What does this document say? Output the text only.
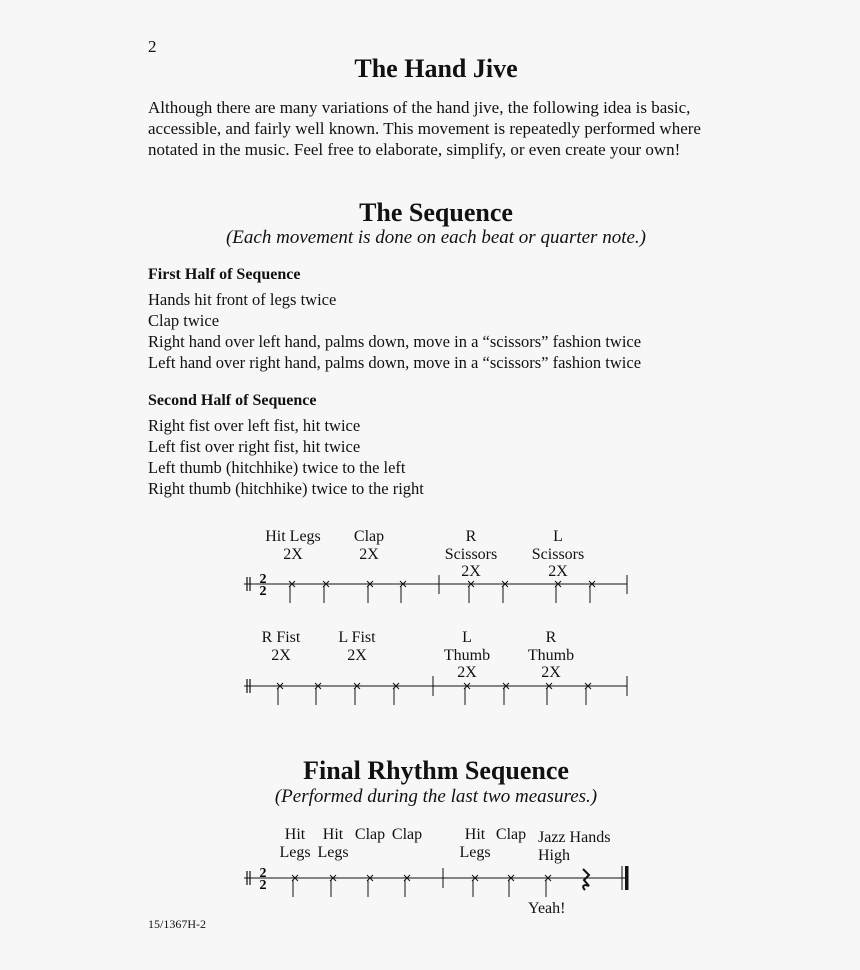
2
The Hand Jive

Although there are many variations of the hand jive, the following idea is basic,

accessible, and fairly well known. This movement is repeatedly performed where

notated in the music. Feel free to elaborate, simplify, or even create your own!

The Sequence
(Each movement is done on each beat or quarter note.)
First Half of Sequence
Hands hit front of legs twice
Clap twice
Right hand over left hand, palms down, move in a “scissors” fashion twice
Left hand over right hand, palms down, move in a “scissors” fashion twice
Second Half of Sequence
Right fist over left fist, hit twice
Left fist over right fist, hit twice
Left thumb (hitchhike) twice to the left
Right thumb (hitchhike) twice to the right
Hit Legs
2X
Clap
2X
R
Scissors
2X
L
Scissors
2X
2
2
R Fist
2X
L Fist
2X
L
Thumb
2X
R
Thumb
2X
Final Rhythm Sequence
(Performed during the last two measures.)
Hit
Legs
Hit
Legs
Clap Clap	Hit
Legs
Clap Jazz Hands
High
2
2
Yeah!
15/1367H-2
